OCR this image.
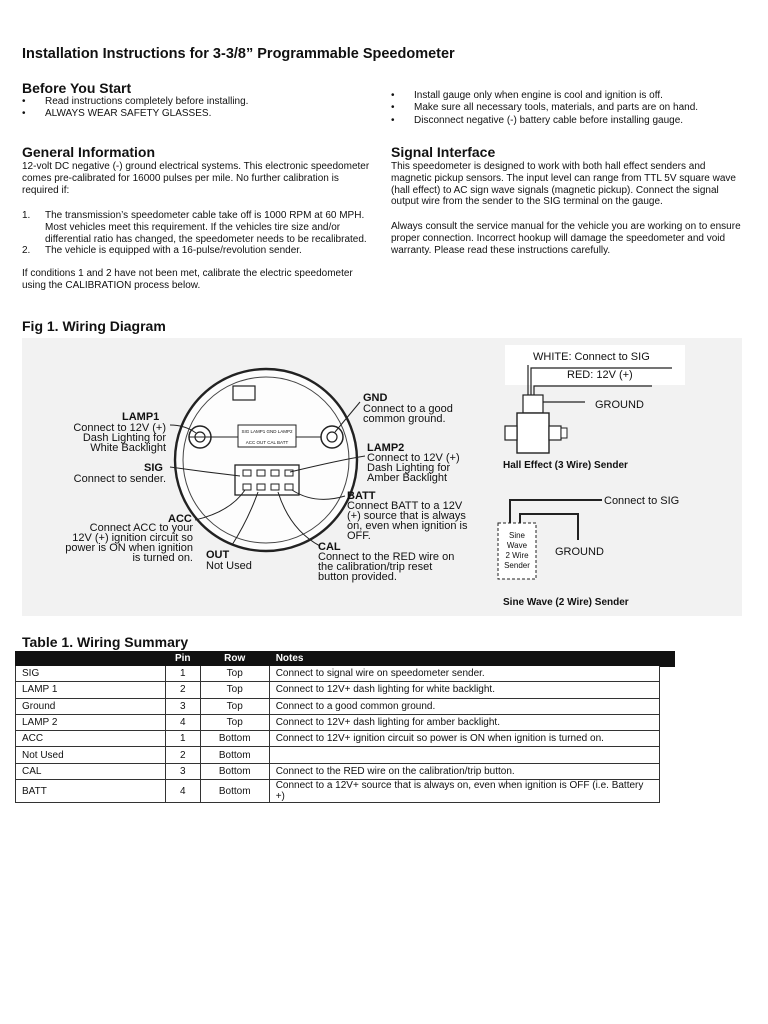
Installation Instructions for 3-3/8” Programmable Speedometer
Before You Start
• Read instructions completely before installing.
• ALWAYS WEAR SAFETY GLASSES.
• Install gauge only when engine is cool and ignition is off.
• Make sure all necessary tools, materials, and parts are on hand.
• Disconnect negative (-) battery cable before installing gauge.
General Information
12-volt DC negative (-) ground electrical systems. This electronic speedometer
comes pre-calibrated for 16000 pulses per mile. No further calibration is
required if:
1. The transmission’s speedometer cable take off is 1000 RPM at 60 MPH.
Most vehicles meet this requirement. If the vehicles tire size and/or
differential ratio has changed, the speedometer needs to be recalibrated.
2. The vehicle is equipped with a 16-pulse/revolution sender.
If conditions 1 and 2 have not been met, calibrate the electric speedometer
using the CALIBRATION process below.
Signal Interface
This speedometer is designed to work with both hall effect senders and
magnetic pickup sensors. The input level can range from TTL 5V square wave
(hall effect) to AC sign wave signals (magnetic pickup). Connect the signal
output wire from the sender to the SIG terminal on the gauge.
Always consult the service manual for the vehicle you are working on to ensure
proper connection. Incorrect hookup will damage the speedometer and void
warranty. Please read these instructions carefully.
Fig 1. Wiring Diagram
SIG LAMP1 GND LAMP2
ACC OUT CAL BATT
LAMP1
Connect to 12V (+)
Dash Lighting for
White Backlight
SIG
Connect to sender.
ACC
Connect ACC to your
12V (+) ignition circuit so
power is ON when ignition
is turned on. OUT
Not Used
GND
Connect to a good
common ground.
LAMP2
Connect to 12V (+)
Dash Lighting for
Amber Backlight
BATT
Connect BATT to a 12V
(+) source that is always
on, even when ignition is
OFF.
CAL
Connect to the RED wire on
the calibration/trip reset
button provided.
WHITE: Connect to SIG
RED: 12V (+)
GROUND
Hall Effect (3 Wire) Sender
Connect to SIG
GROUND
Sine
Wave
2 Wire
Sender
Sine Wave (2 Wire) Sender
Table 1. Wiring Summary
	Pin	Row	Notes
SIG	1	Top	Connect to signal wire on speedometer sender.
LAMP 1	2	Top	Connect to 12V+ dash lighting for white backlight.
Ground	3	Top	Connect to a good common ground.
LAMP 2	4	Top	Connect to 12V+ dash lighting for amber backlight.
ACC	1	Bottom	Connect to 12V+ ignition circuit so power is ON when ignition is turned on.
Not Used	2	Bottom	
CAL	3	Bottom	Connect to the RED wire on the calibration/trip button.
BATT	4	Bottom	Connect to a 12V+ source that is always on, even when ignition is OFF (i.e. Battery +)
